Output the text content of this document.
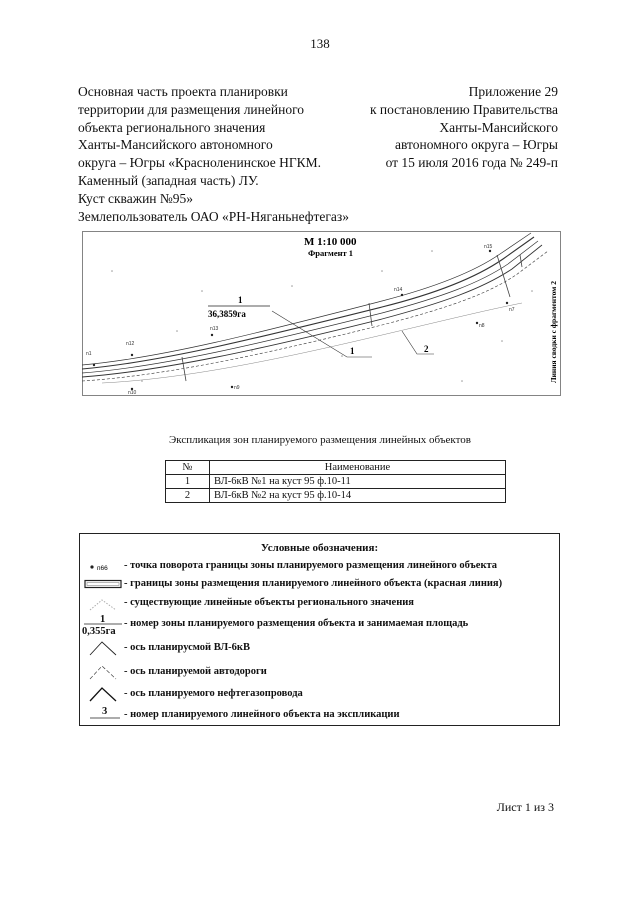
138
Основная часть проекта планировки
территории для размещения линейного
объекта регионального значения
Ханты-Мансийского автономного
округа – Югры «Красноленинское НГКМ.
Каменный (западная часть) ЛУ.
Куст скважин №95»
Землепользователь ОАО «РН-Няганьнефтегаз»
Приложение 29
к постановлению Правительства
Ханты-Мансийского
автономного округа – Югры
от 15 июля 2016 года № 249-п
М 1:10 000
Фрагмент 1
1
36,3859га
1	2
n1
n12
n13
n14
n15
n7
n8
n9
n10
Линия сводки с фрагментом 2
Экспликация зон планируемого размещения линейных объектов
№	Наименование
1	ВЛ-6кВ №1 на куст 95 ф.10-11
2	ВЛ-6кВ №2 на куст 95 ф.10-14
Условные обозначения:
п66 - точка поворота границы зоны планируемого размещения линейного объекта
- границы зоны размещения планируемого линейного объекта (красная линия)
- существующие линейные объекты регионального значения
1
0,355га
- номер зоны планируемого размещения объекта и занимаемая площадь
- ось планирусмой ВЛ-6кВ
- ось планируемой автодороги
- ось планируемого нефтегазопровода
3 - номер планируемого линейного объекта на экспликации
Лист 1 из 3
